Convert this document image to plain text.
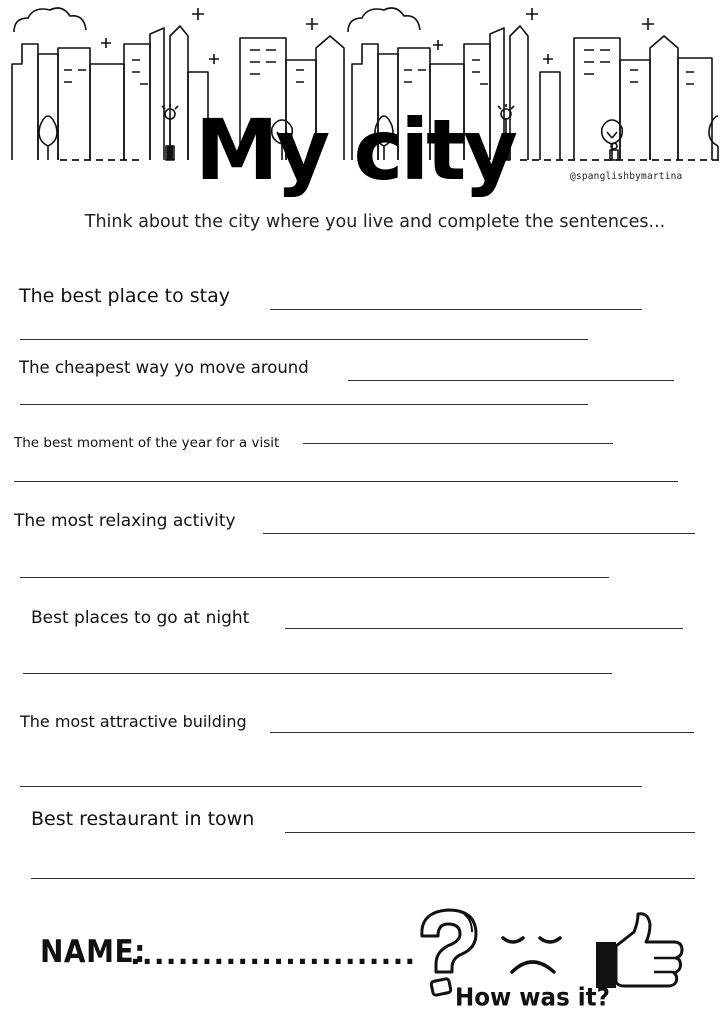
My city	@spanglishbymartina
Think about the city where you live and complete the sentences...
The best place to stay
The cheapest way yo move around
The best moment of the year for a visit
The most relaxing activity
Best places to go at night
The most attractive building
Best restaurant in town
NAME:
........................
How was it?
